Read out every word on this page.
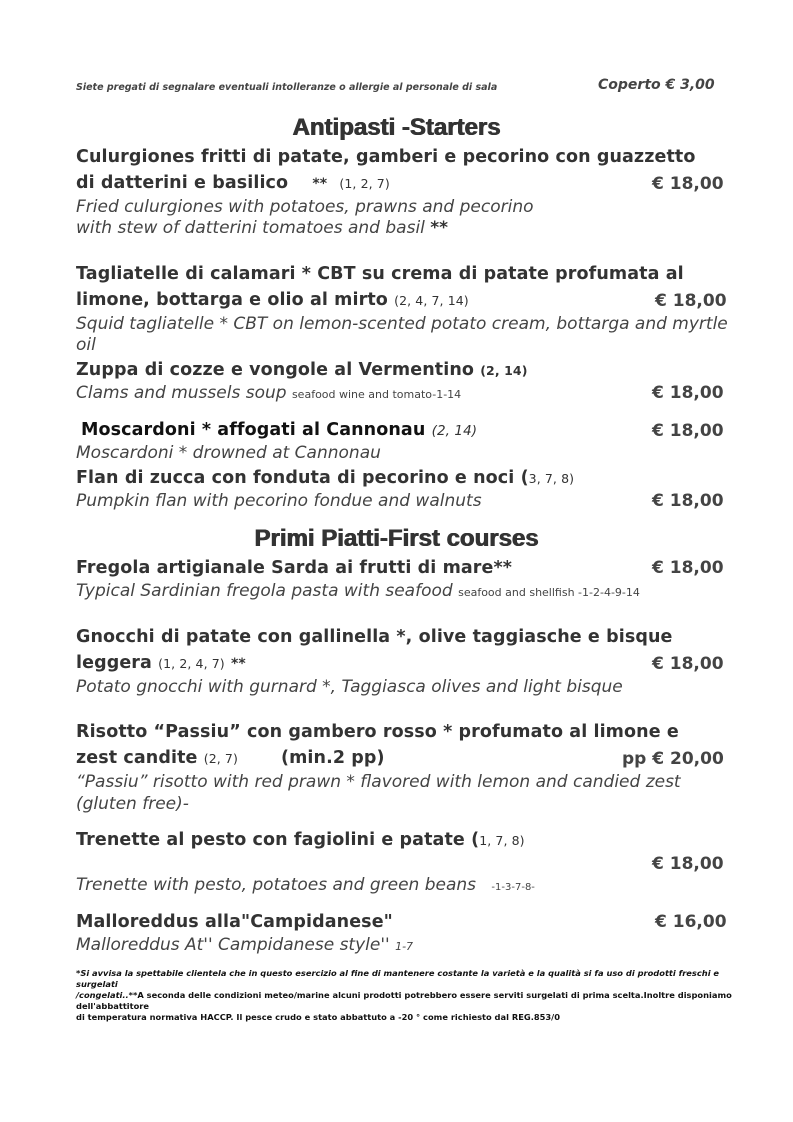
Siete pregati di segnalare eventuali intolleranze o allergie al personale di sala	Coperto € 3,00
Antipasti -Starters
Culurgiones fritti di patate, gamberi e pecorino con guazzetto
di datterini e basilico ** (1, 2, 7)	€ 18,00
Fried culurgiones with potatoes, prawns and pecorino
with stew of datterini tomatoes and basil **
Tagliatelle di calamari * CBT su crema di patate profumata al
limone, bottarga e olio al mirto (2, 4, 7, 14)	€ 18,00
Squid tagliatelle * CBT on lemon-scented potato cream, bottarga and myrtle
oil
Zuppa di cozze e vongole al Vermentino (2, 14)
Clams and mussels soup seafood wine and tomato-1-14	€ 18,00
Moscardoni * affogati al Cannonau (2, 14)	€ 18,00
Moscardoni * drowned at Cannonau
Flan di zucca con fonduta di pecorino e noci (3, 7, 8)
Pumpkin flan with pecorino fondue and walnuts	€ 18,00
Primi Piatti-First courses
Fregola artigianale Sarda ai frutti di mare**	€ 18,00
Typical Sardinian fregola pasta with seafood seafood and shellfish -1-2-4-9-14
Gnocchi di patate con gallinella *, olive taggiasche e bisque
leggera (1, 2, 4, 7) **	€ 18,00
Potato gnocchi with gurnard *, Taggiasca olives and light bisque
Risotto “Passiu” con gambero rosso * profumato al limone e
zest candite (2, 7) (min.2 pp)	pp € 20,00
“Passiu” risotto with red prawn * flavored with lemon and candied zest
(gluten free)-
Trenette al pesto con fagiolini e patate (1, 7, 8)
€ 18,00
Trenette with pesto, potatoes and green beans -1-3-7-8-
Malloreddus alla"Campidanese"	€ 16,00
Malloreddus At'' Campidanese style'' 1-7
*Si avvisa la spettabile clientela che in questo esercizio al fine di mantenere costante la varietà e la qualità si fa uso di prodotti freschi e
surgelati
/congelati..**A seconda delle condizioni meteo/marine alcuni prodotti potrebbero essere serviti surgelati di prima scelta.Inoltre disponiamo
dell'abbattitore
di temperatura normativa HACCP. Il pesce crudo e stato abbattuto a -20 ° come richiesto dal REG.853/0
